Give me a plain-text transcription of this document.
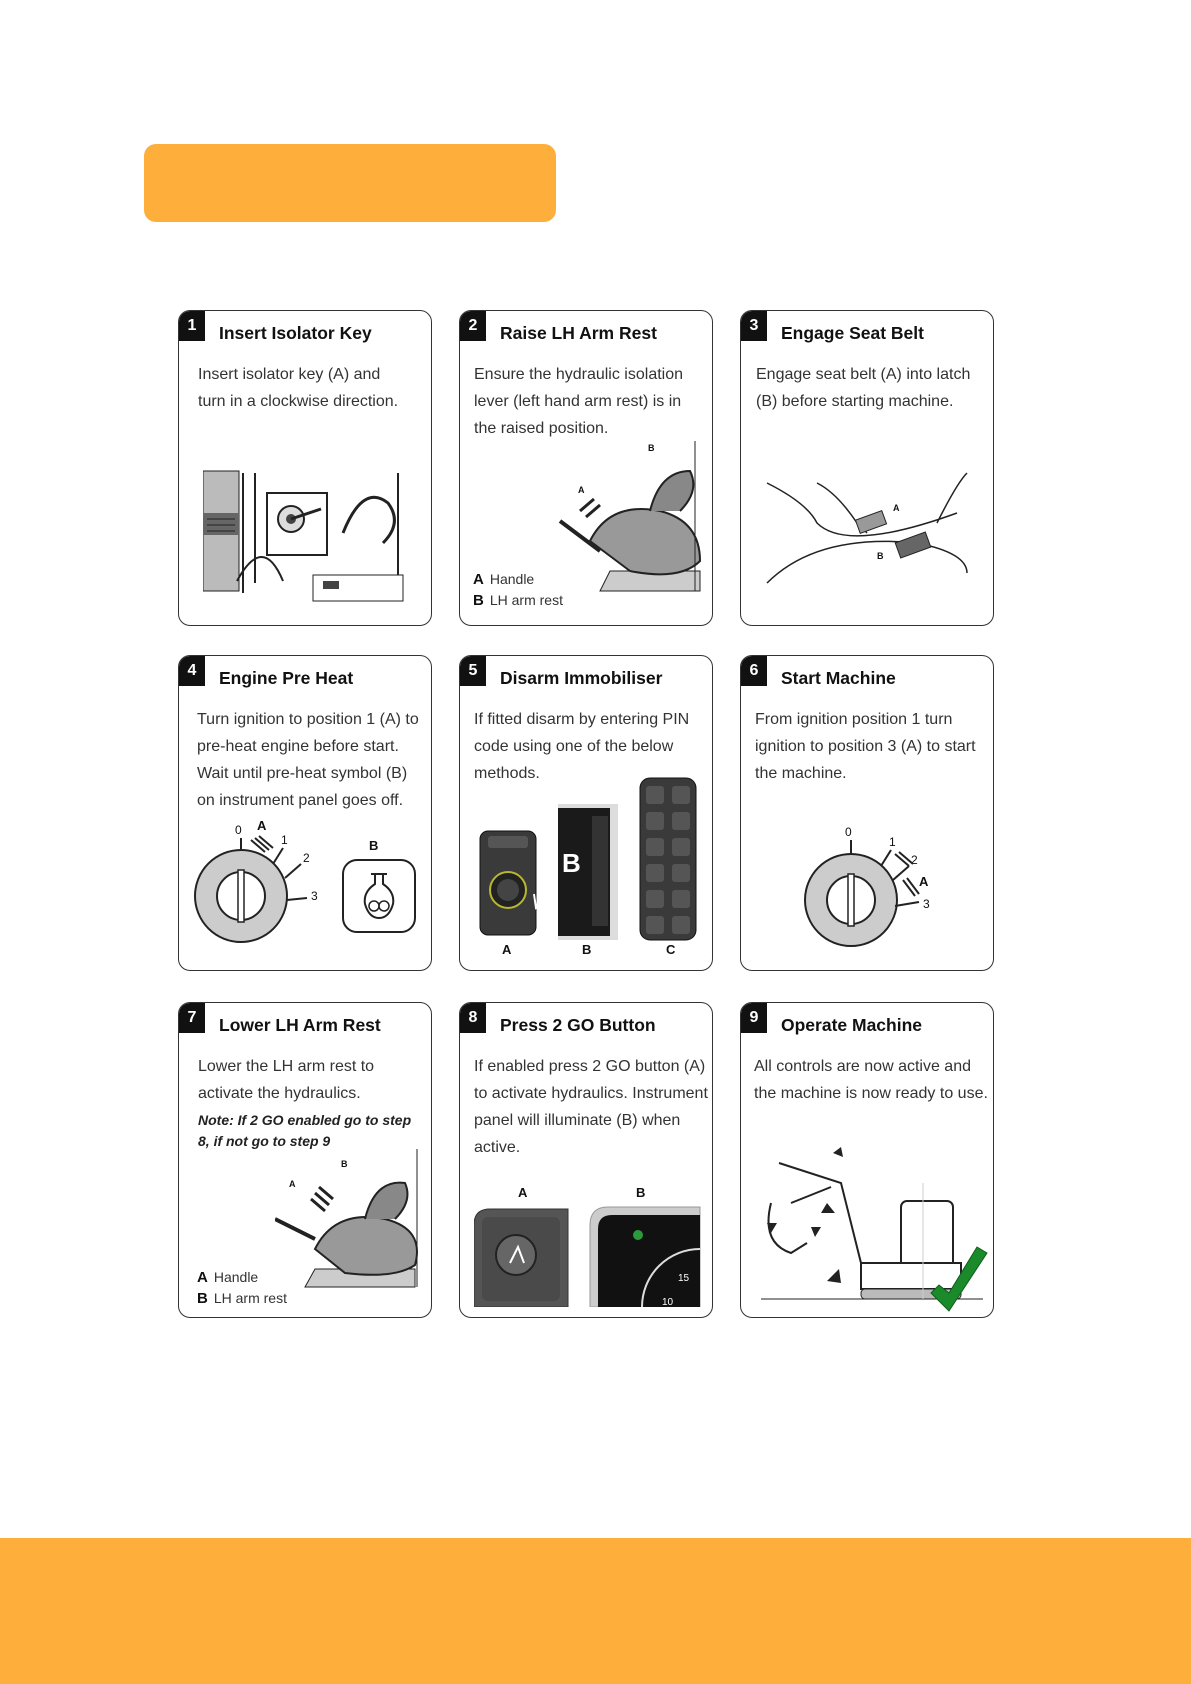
1	Insert Isolator Key
Insert isolator key (A) and turn in a clockwise direction.
2	Raise LH Arm Rest
Ensure the hydraulic isolation lever (left hand arm rest) is in the raised position.
A
B
A Handle
B LH arm rest
3	Engage Seat Belt
Engage seat belt (A) into latch (B) before starting machine.
A
B
4	Engine Pre Heat
Turn ignition to position 1 (A) to pre-heat engine before start. Wait until pre-heat symbol (B) on instrument panel goes off.
0
1
2
3
A
B
5	Disarm Immobiliser
If fitted disarm by entering PIN code using one of the below methods.
B
A	B	C
6	Start Machine
From ignition position 1 turn ignition to position 3 (A) to start the machine.
0
1
2
3
A
7	Lower LH Arm Rest
Lower the LH arm rest to activate the hydraulics.
Note: If 2 GO enabled go to step 8, if not go to step 9
A
B
A Handle
B LH arm rest
8	Press 2 GO Button
If enabled press 2 GO button (A) to activate hydraulics. Instrument panel will illuminate (B) when active.
A	B
15
10
9	Operate Machine
All controls are now active and the machine is now ready to use.
